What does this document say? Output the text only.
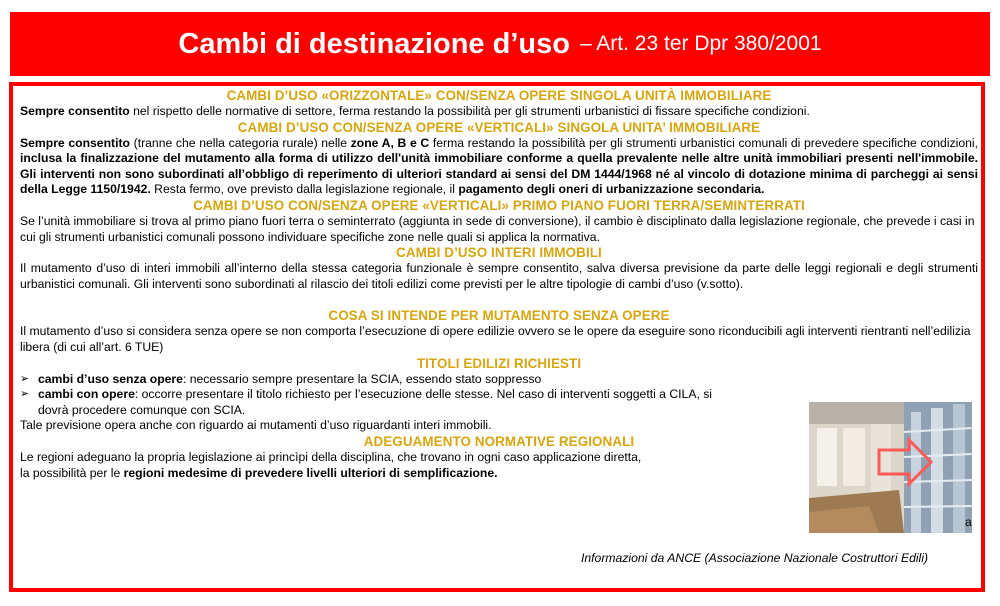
Cambi di destinazione d’uso – Art. 23 ter Dpr 380/2001
CAMBI D’USO «ORIZZONTALE» CON/SENZA OPERE SINGOLA UNITÀ IMMOBILIARE
Sempre consentito nel rispetto delle normative di settore, ferma restando la possibilità per gli strumenti urbanistici di fissare specifiche condizioni.
CAMBI D’USO CON/SENZA OPERE «VERTICALI» SINGOLA UNITA’ IMMOBILIARE
Sempre consentito (tranne che nella categoria rurale) nelle zone A, B e C ferma restando la possibilità per gli strumenti urbanistici comunali di prevedere specifiche condizioni, inclusa la finalizzazione del mutamento alla forma di utilizzo dell'unità immobiliare conforme a quella prevalente nelle altre unità immobiliari presenti nell'immobile. Gli interventi non sono subordinati all’obbligo di reperimento di ulteriori standard ai sensi del DM 1444/1968 né al vincolo di dotazione minima di parcheggi ai sensi della Legge 1150/1942. Resta fermo, ove previsto dalla legislazione regionale, il pagamento degli oneri di urbanizzazione secondaria.
CAMBI D’USO CON/SENZA OPERE «VERTICALI» PRIMO PIANO FUORI TERRA/SEMINTERRATI
Se l’unità immobiliare si trova al primo piano fuori terra o seminterrato (aggiunta in sede di conversione), il cambio è disciplinato dalla legislazione regionale, che prevede i casi in cui gli strumenti urbanistici comunali possono individuare specifiche zone nelle quali si applica la normativa.
CAMBI D’USO INTERI IMMOBILI
Il mutamento d’uso di interi immobili all’interno della stessa categoria funzionale è sempre consentito, salva diversa previsione da parte delle leggi regionali e degli strumenti urbanistici comunali. Gli interventi sono subordinati al rilascio dei titoli edilizi come previsti per le altre tipologie di cambi d’uso (v.sotto).
COSA SI INTENDE PER MUTAMENTO SENZA OPERE
Il mutamento d’uso si considera senza opere se non comporta l’esecuzione di opere edilizie ovvero se le opere da eseguire sono riconducibili agli interventi rientranti nell’edilizia libera (di cui all’art. 6 TUE)
TITOLI EDILIZI RICHIESTI
➢ cambi d’uso senza opere: necessario sempre presentare la SCIA, essendo stato soppresso
➢ cambi con opere: occorre presentare il titolo richiesto per l’esecuzione delle stesse. Nel caso di interventi soggetti a CILA, si dovrà procedere comunque con SCIA.
Tale previsione opera anche con riguardo ai mutamenti d’uso riguardanti interi immobili.
ADEGUAMENTO NORMATIVE REGIONALI
Le regioni adeguano la propria legislazione ai princìpi della disciplina, che trovano in ogni caso applicazione diretta,
la possibilità per le regioni medesime di prevedere livelli ulteriori di semplificazione.
a
Informazioni da ANCE (Associazione Nazionale Costruttori Edili)
